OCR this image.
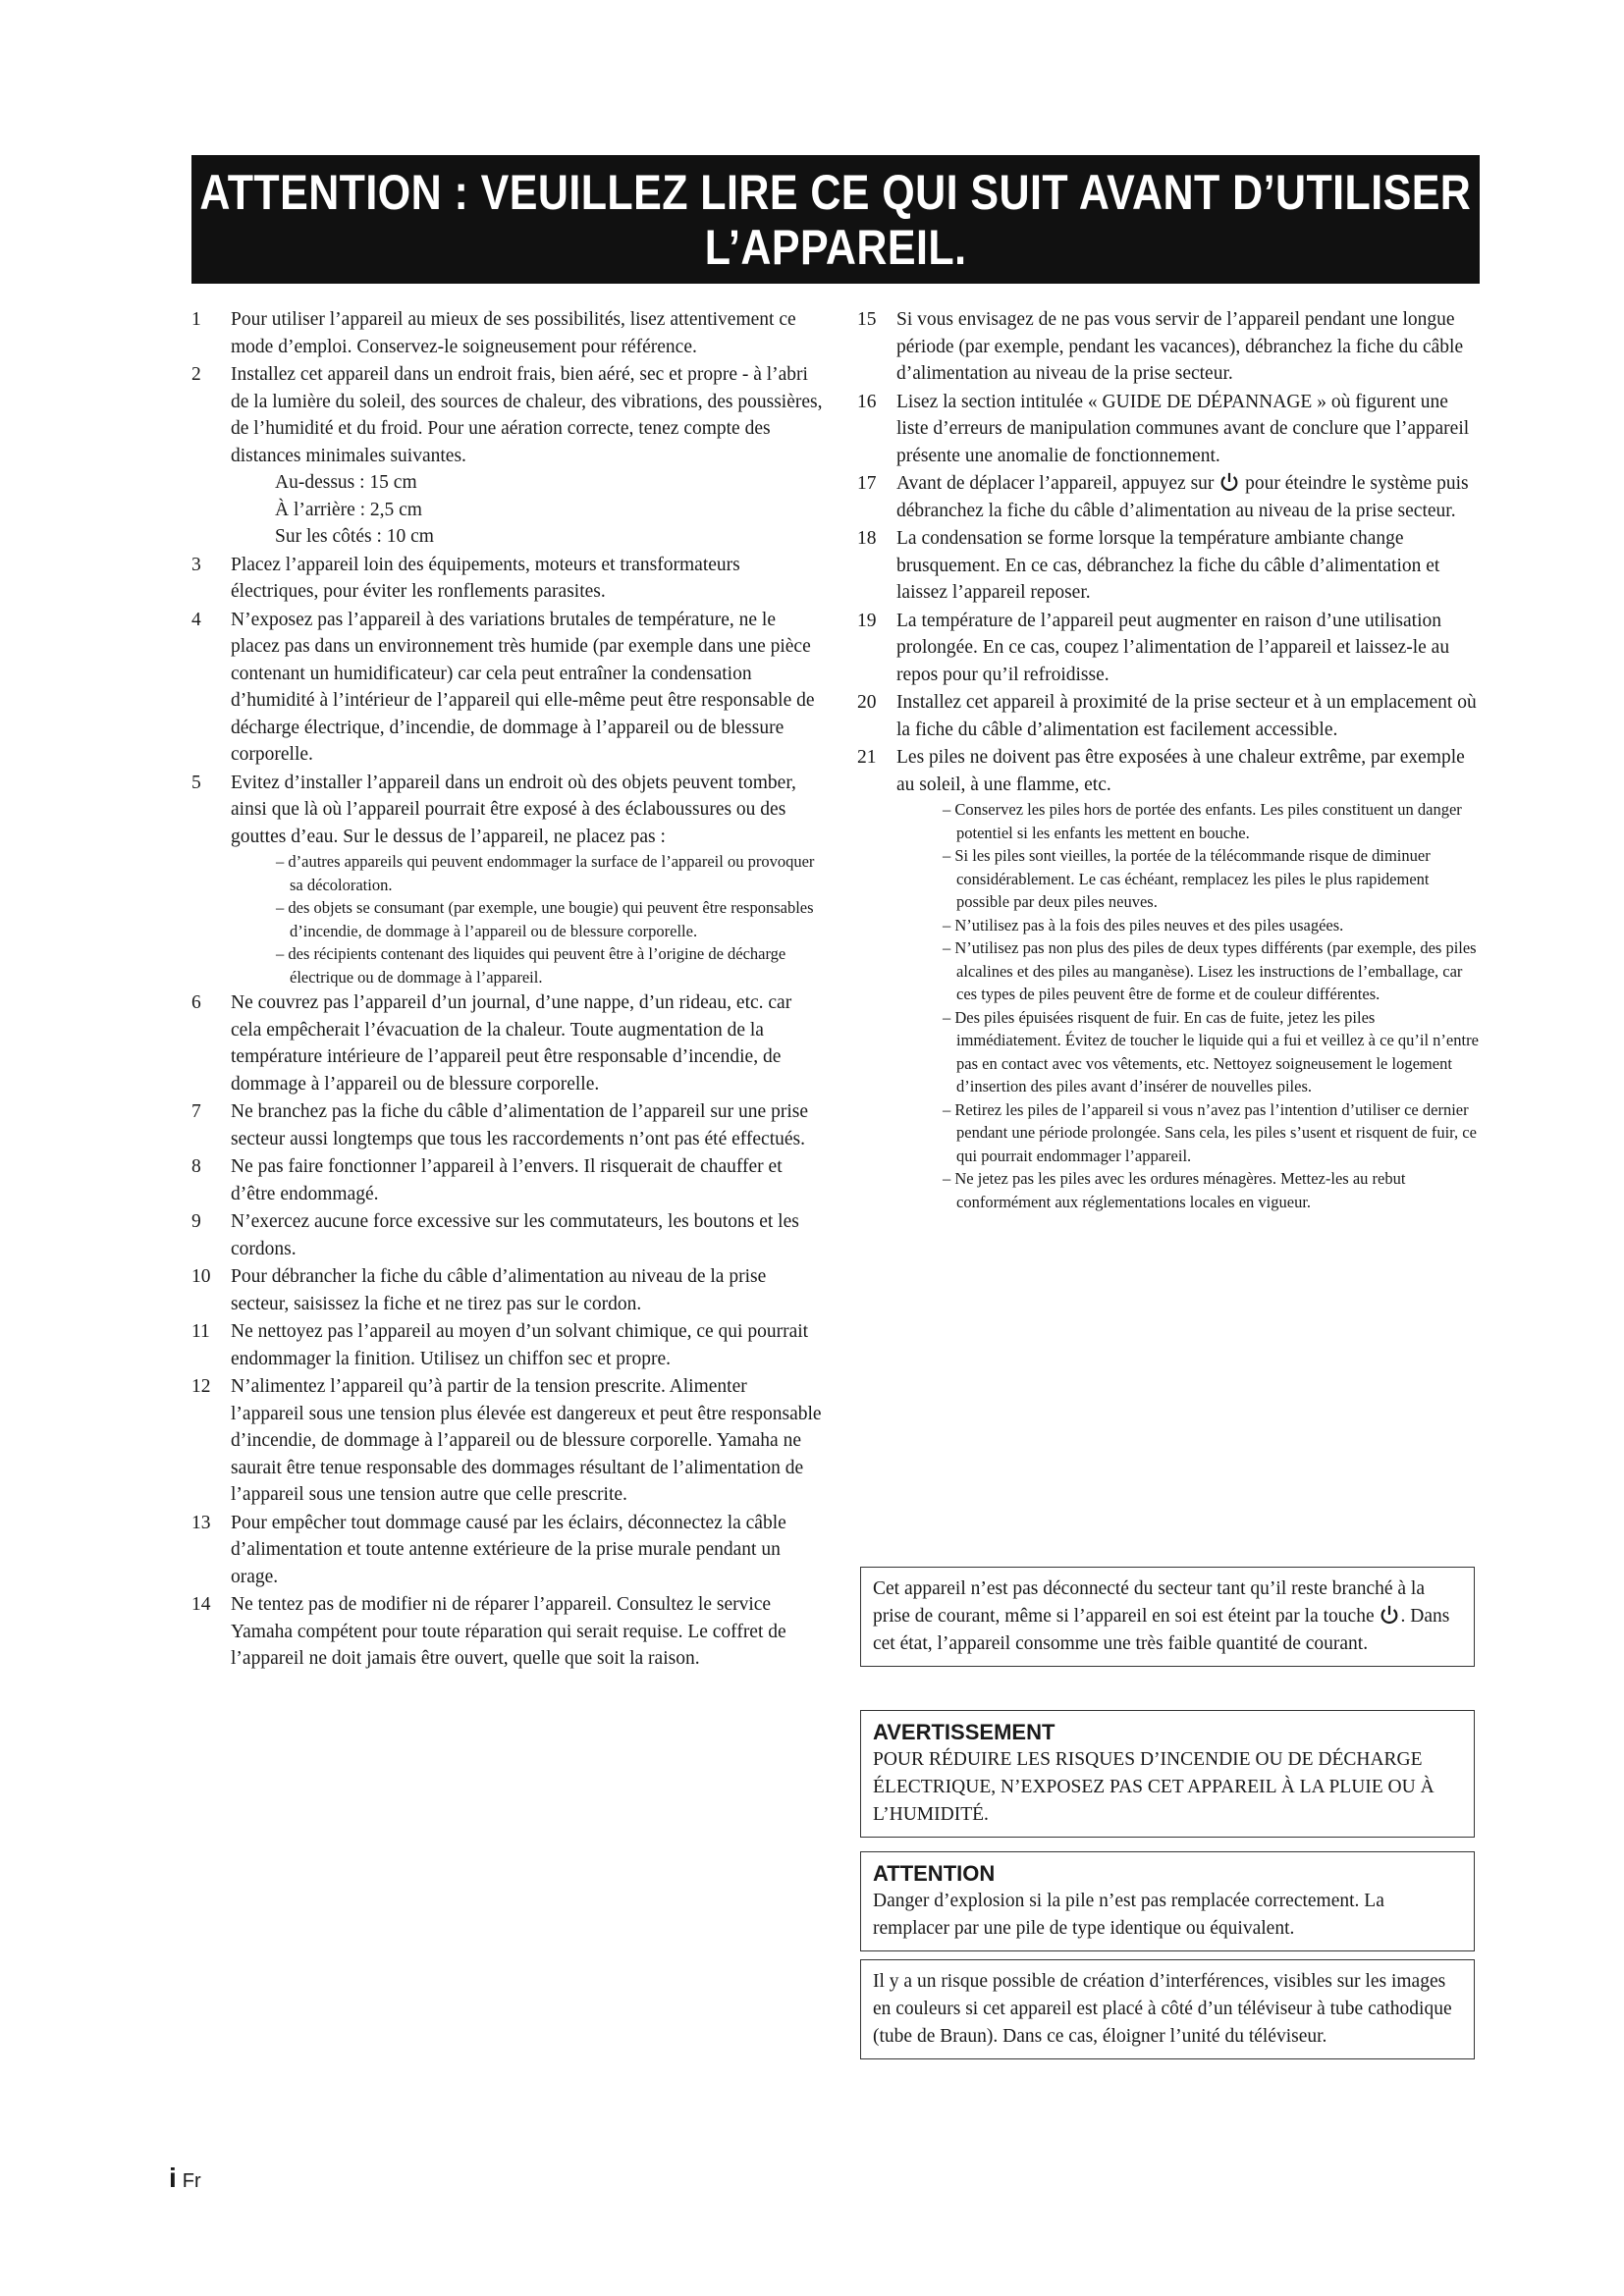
ATTENTION : VEUILLEZ LIRE CE QUI SUIT AVANT D’UTILISER
L’APPAREIL.
1 Pour utiliser l’appareil au mieux de ses possibilités, lisez attentivement ce mode d’emploi. Conservez-le soigneusement pour référence.
2 Installez cet appareil dans un endroit frais, bien aéré, sec et propre - à l’abri de la lumière du soleil, des sources de chaleur, des vibrations, des poussières, de l’humidité et du froid. Pour une aération correcte, tenez compte des distances minimales suivantes.
Au-dessus : 15 cm
À l’arrière : 2,5 cm
Sur les côtés : 10 cm
3 Placez l’appareil loin des équipements, moteurs et transformateurs électriques, pour éviter les ronflements parasites.
4 N’exposez pas l’appareil à des variations brutales de température, ne le placez pas dans un environnement très humide (par exemple dans une pièce contenant un humidificateur) car cela peut entraîner la condensation d’humidité à l’intérieur de l’appareil qui elle-même peut être responsable de décharge électrique, d’incendie, de dommage à l’appareil ou de blessure corporelle.
5 Evitez d’installer l’appareil dans un endroit où des objets peuvent tomber, ainsi que là où l’appareil pourrait être exposé à des éclaboussures ou des gouttes d’eau. Sur le dessus de l’appareil, ne placez pas :
– d’autres appareils qui peuvent endommager la surface de l’appareil ou provoquer sa décoloration.
– des objets se consumant (par exemple, une bougie) qui peuvent être responsables d’incendie, de dommage à l’appareil ou de blessure corporelle.
– des récipients contenant des liquides qui peuvent être à l’origine de décharge électrique ou de dommage à l’appareil.
6 Ne couvrez pas l’appareil d’un journal, d’une nappe, d’un rideau, etc. car cela empêcherait l’évacuation de la chaleur. Toute augmentation de la température intérieure de l’appareil peut être responsable d’incendie, de dommage à l’appareil ou de blessure corporelle.
7 Ne branchez pas la fiche du câble d’alimentation de l’appareil sur une prise secteur aussi longtemps que tous les raccordements n’ont pas été effectués.
8 Ne pas faire fonctionner l’appareil à l’envers. Il risquerait de chauffer et d’être endommagé.
9 N’exercez aucune force excessive sur les commutateurs, les boutons et les cordons.
10 Pour débrancher la fiche du câble d’alimentation au niveau de la prise secteur, saisissez la fiche et ne tirez pas sur le cordon.
11 Ne nettoyez pas l’appareil au moyen d’un solvant chimique, ce qui pourrait endommager la finition. Utilisez un chiffon sec et propre.
12 N’alimentez l’appareil qu’à partir de la tension prescrite. Alimenter l’appareil sous une tension plus élevée est dangereux et peut être responsable d’incendie, de dommage à l’appareil ou de blessure corporelle. Yamaha ne saurait être tenue responsable des dommages résultant de l’alimentation de l’appareil sous une tension autre que celle prescrite.
13 Pour empêcher tout dommage causé par les éclairs, déconnectez la câble d’alimentation et toute antenne extérieure de la prise murale pendant un orage.
14 Ne tentez pas de modifier ni de réparer l’appareil. Consultez le service Yamaha compétent pour toute réparation qui serait requise. Le coffret de l’appareil ne doit jamais être ouvert, quelle que soit la raison.
15 Si vous envisagez de ne pas vous servir de l’appareil pendant une longue période (par exemple, pendant les vacances), débranchez la fiche du câble d’alimentation au niveau de la prise secteur.
16 Lisez la section intitulée « GUIDE DE DÉPANNAGE » où figurent une liste d’erreurs de manipulation communes avant de conclure que l’appareil présente une anomalie de fonctionnement.
17 Avant de déplacer l’appareil, appuyez sur  pour éteindre le système puis débranchez la fiche du câble d’alimentation au niveau de la prise secteur.
18 La condensation se forme lorsque la température ambiante change brusquement. En ce cas, débranchez la fiche du câble d’alimentation et laissez l’appareil reposer.
19 La température de l’appareil peut augmenter en raison d’une utilisation prolongée. En ce cas, coupez l’alimentation de l’appareil et laissez-le au repos pour qu’il refroidisse.
20 Installez cet appareil à proximité de la prise secteur et à un emplacement où la fiche du câble d’alimentation est facilement accessible.
21 Les piles ne doivent pas être exposées à une chaleur extrême, par exemple au soleil, à une flamme, etc.
– Conservez les piles hors de portée des enfants. Les piles constituent un danger potentiel si les enfants les mettent en bouche.
– Si les piles sont vieilles, la portée de la télécommande risque de diminuer considérablement. Le cas échéant, remplacez les piles le plus rapidement possible par deux piles neuves.
– N’utilisez pas à la fois des piles neuves et des piles usagées.
– N’utilisez pas non plus des piles de deux types différents (par exemple, des piles alcalines et des piles au manganèse). Lisez les instructions de l’emballage, car ces types de piles peuvent être de forme et de couleur différentes.
– Des piles épuisées risquent de fuir. En cas de fuite, jetez les piles immédiatement. Évitez de toucher le liquide qui a fui et veillez à ce qu’il n’entre pas en contact avec vos vêtements, etc. Nettoyez soigneusement le logement d’insertion des piles avant d’insérer de nouvelles piles.
– Retirez les piles de l’appareil si vous n’avez pas l’intention d’utiliser ce dernier pendant une période prolongée. Sans cela, les piles s’usent et risquent de fuir, ce qui pourrait endommager l’appareil.
– Ne jetez pas les piles avec les ordures ménagères. Mettez-les au rebut conformément aux réglementations locales en vigueur.
Cet appareil n’est pas déconnecté du secteur tant qu’il reste branché à la prise de courant, même si l’appareil en soi est éteint par la touche . Dans cet état, l’appareil consomme une très faible quantité de courant.
AVERTISSEMENT
POUR RÉDUIRE LES RISQUES D’INCENDIE OU DE DÉCHARGE ÉLECTRIQUE, N’EXPOSEZ PAS CET APPAREIL À LA PLUIE OU À L’HUMIDITÉ.
ATTENTION
Danger d’explosion si la pile n’est pas remplacée correctement. La remplacer par une pile de type identique ou équivalent.
Il y a un risque possible de création d’interférences, visibles sur les images en couleurs si cet appareil est placé à côté d’un téléviseur à tube cathodique (tube de Braun). Dans ce cas, éloigner l’unité du téléviseur.
i Fr
